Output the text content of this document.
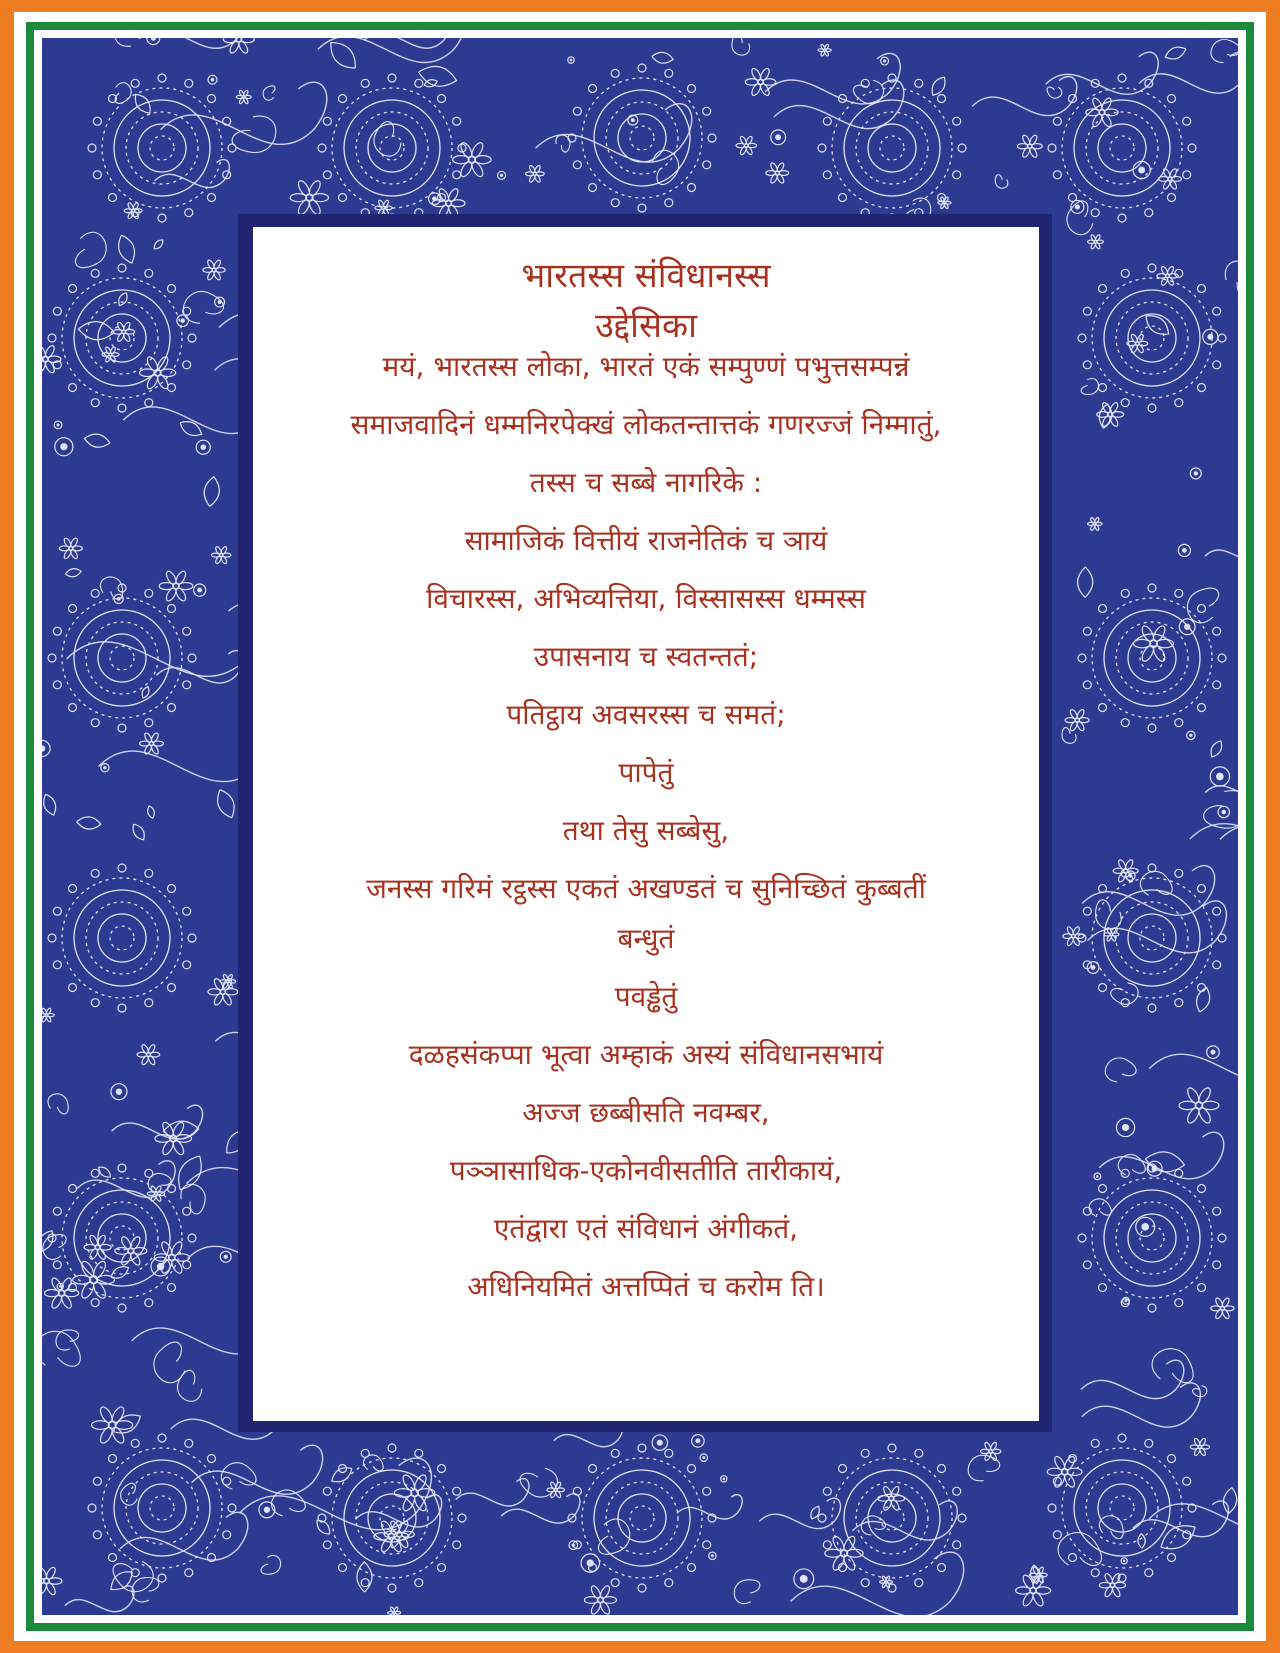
भारतस्स संविधानस्स
उद्देसिका
मयं, भारतस्स लोका, भारतं एकं सम्पुण्णं पभुत्तसम्पन्नं
समाजवादिनं धम्मनिरपेक्खं लोकतन्तात्तकं गणरज्जं निम्मातुं,
तस्स च सब्बे नागरिके :
सामाजिकं वित्तीयं राजनेतिकं च ञायं
विचारस्स, अभिव्यत्तिया, विस्सासस्स धम्मस्स
उपासनाय च स्वतन्ततं;
पतिट्ठाय अवसरस्स च समतं;
पापेतुं
तथा तेसु सब्बेसु,
जनस्स गरिमं रट्ठस्स एकतं अखण्डतं च सुनिच्छितं कुब्बतीं
बन्धुतं
पवड्ढेतुं
दळहसंकप्पा भूत्वा अम्हाकं अस्यं संविधानसभायं
अज्ज छब्बीसति नवम्बर,
पञ्ञासाधिक-एकोनवीसतीति तारीकायं,
एतंद्वारा एतं संविधानं अंगीकतं,
अधिनियमितं अत्तप्पितं च करोम ति।
